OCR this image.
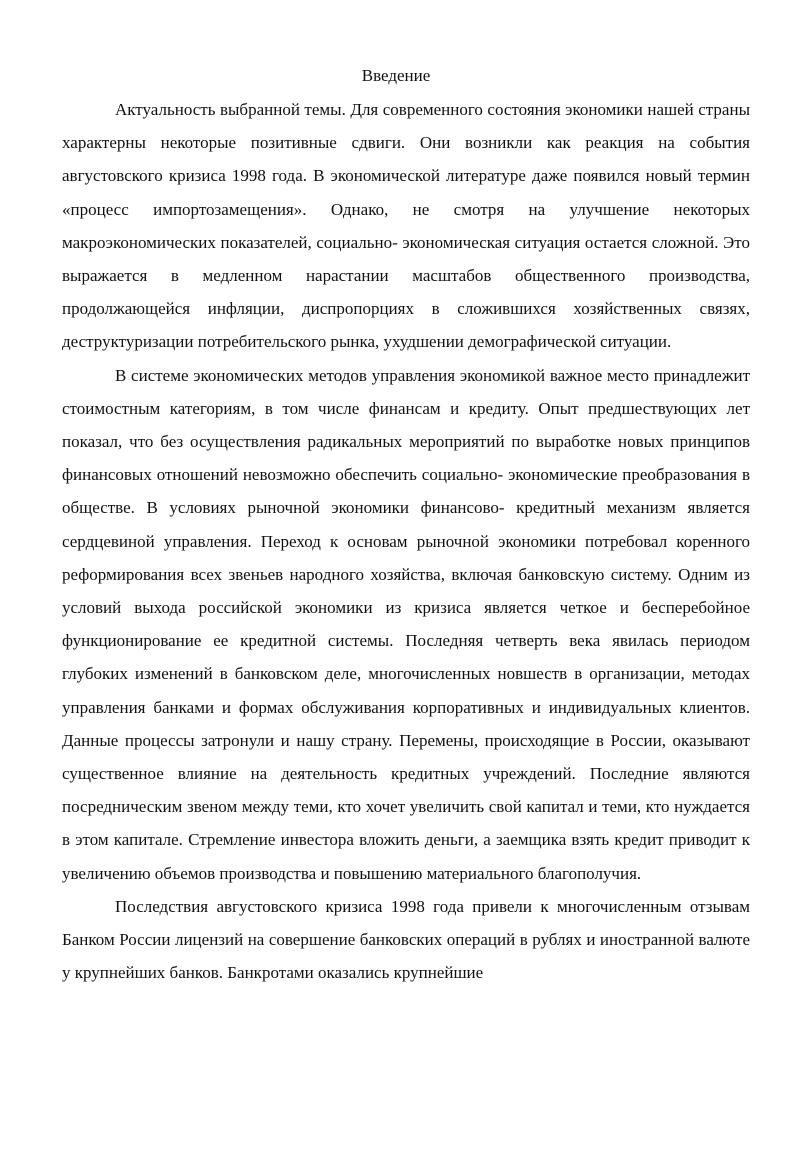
Введение

Актуальность выбранной темы. Для современного состояния экономики нашей страны характерны некоторые позитивные сдвиги. Они возникли как реакция на события августовского кризиса 1998 года. В экономической литературе даже появился новый термин «процесс импортозамещения». Однако, не смотря на улучшение некоторых макроэкономических показателей, социально- экономическая ситуация остается сложной. Это выражается в медленном нарастании масштабов общественного производства, продолжающейся инфляции, диспропорциях в сложившихся хозяйственных связях, деструктуризации потребительского рынка, ухудшении демографической ситуации.

В системе экономических методов управления экономикой важное место принадлежит стоимостным категориям, в том числе финансам и кредиту. Опыт предшествующих лет показал, что без осуществления радикальных мероприятий по выработке новых принципов финансовых отношений невозможно обеспечить социально- экономические преобразования в обществе. В условиях рыночной экономики финансово- кредитный механизм является сердцевиной управления. Переход к основам рыночной экономики потребовал коренного реформирования всех звеньев народного хозяйства, включая банковскую систему. Одним из условий выхода российской экономики из кризиса является четкое и бесперебойное функционирование ее кредитной системы. Последняя четверть века явилась периодом глубоких изменений в банковском деле, многочисленных новшеств в организации, методах управления банками и формах обслуживания корпоративных и индивидуальных клиентов. Данные процессы затронули и нашу страну. Перемены, происходящие в России, оказывают существенное влияние на деятельность кредитных учреждений. Последние являются посредническим звеном между теми, кто хочет увеличить свой капитал и теми, кто нуждается в этом капитале. Стремление инвестора вложить деньги, а заемщика взять кредит приводит к увеличению объемов производства и повышению материального благополучия.

Последствия августовского кризиса 1998 года привели к многочисленным отзывам Банком России лицензий на совершение банковских операций в рублях и иностранной валюте у крупнейших банков. Банкротами оказались крупнейшие
